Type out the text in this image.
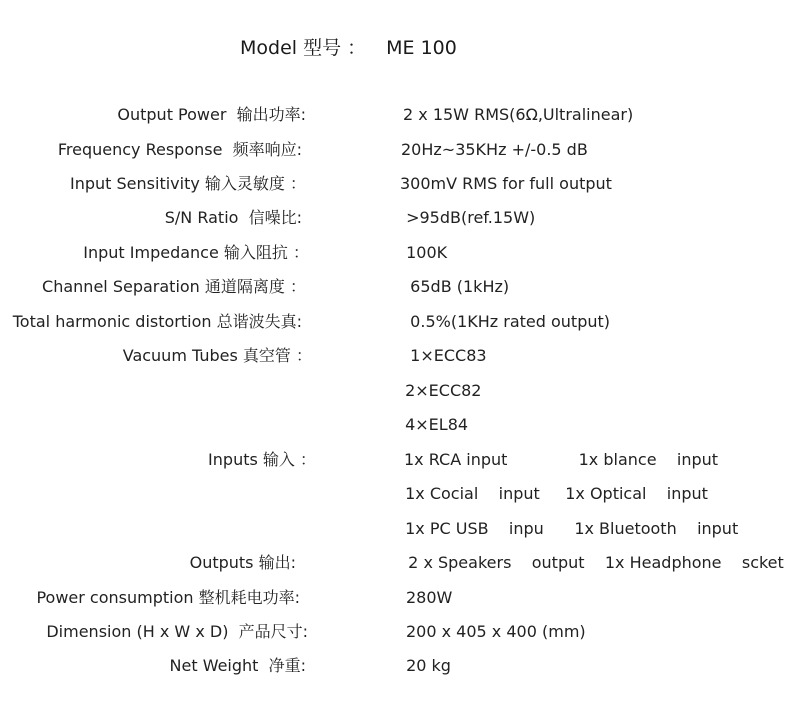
Model 型号 ： ME 100
Output Power  输出功率:
Frequency Response  频率响应:
Input Sensitivity 输入灵敏度 ：
S/N Ratio  信噪比:
Input Impedance 输入阻抗 ：
Channel Separation 通道隔离度 ：
Total harmonic distortion 总谐波失真:
Vacuum Tubes 真空管 ：
Inputs 输入 ：
Outputs 输出:
Power consumption 整机耗电功率:
Dimension (H x W x D)  产品尺寸:
Net Weight  净重:
2 x 15W RMS(6Ω,Ultralinear)
20Hz~35KHz +/-0.5 dB
300mV RMS for full output
>95dB(ref.15W)
100K
65dB (1kHz)
0.5%(1KHz rated output)
1×ECC83
2×ECC82
4×EL84
1x RCA input              1x blance    input
1x Cocial    input     1x Optical    input
1x PC USB    inpu      1x Bluetooth    input
2 x Speakers    output    1x Headphone    scket
280W
200 x 405 x 400 (mm)
20 kg
